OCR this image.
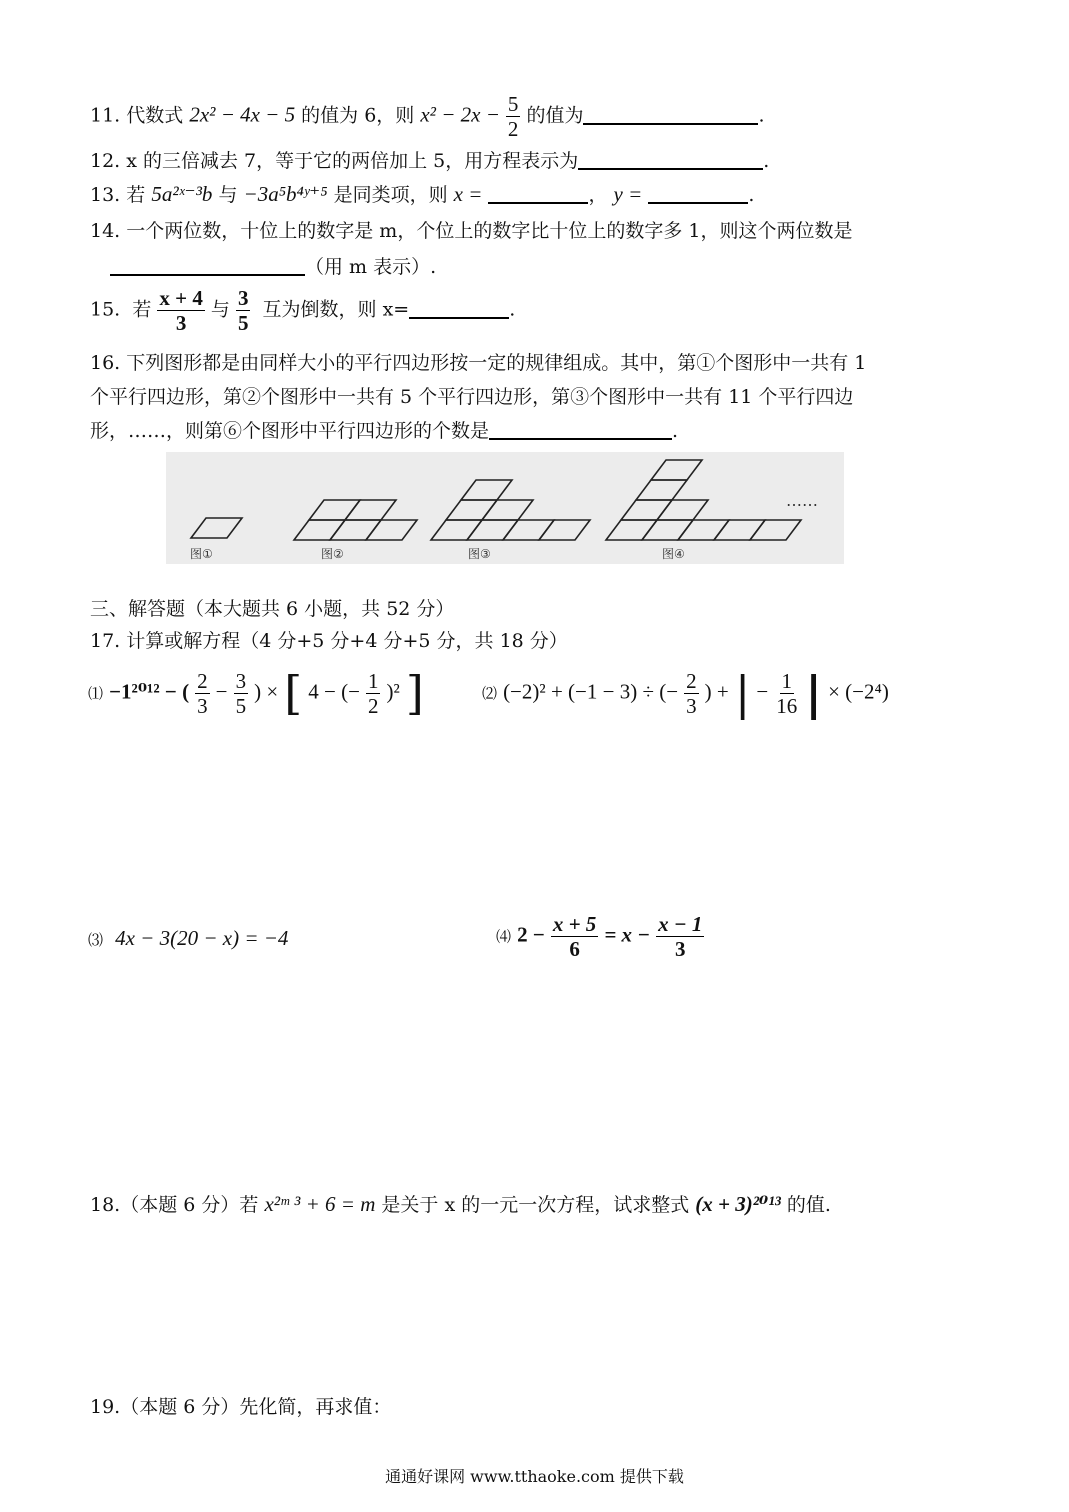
11. 代数式 2x² − 4x − 5 的值为 6，则 $x^2 - 2x - \frac{5}{2}$ 的值为	.
12. x 的三倍减去 7，等于它的两倍加上 5，用方程表示为	.
13. 若 5a²ˣ⁻³b 与 −3a⁵b⁴ʸ⁺⁵ 是同类项，则 x =	， y =	.
14. 一个两位数，十位上的数字是 m，个位上的数字比十位上的数字多 1，则这个两位数是
（用 m 表示）.
15. 若 $\frac{x + 4}{3}$ 与 $\frac{3}{5}$ 互为倒数，则 x=	.
16. 下列图形都是由同样大小的平行四边形按一定的规律组成。其中，第①个图形中一共有 1
个平行四边形，第②个图形中一共有 5 个平行四边形，第③个图形中一共有 11 个平行四边
形，……，则第⑥个图形中平行四边形的个数是	.
图①	图②	图③	图④
……
三、解答题（本大题共 6 小题，共 52 分）
17. 计算或解方程（4 分+5 分+4 分+5 分，共 18 分）
⑴ −1²⁰¹² − ( $\frac{2}{3} - \frac{3}{5}$ ) × [ 4 − (− $\frac{1}{2} )^2$ ]	⑵ (−2)² + (−1 − 3) ÷ (− $\frac{2}{3}$ ) + | − $\frac{1}{16}$ | × (−2⁴)
⑶ 4x − 3(20 − x) = −4	⑷ $2 - \frac{x + 5}{6} = x - \frac{x - 1}{3}$
18.（本题 6 分）若 x²ᵐ ³ + 6 = m 是关于 x 的一元一次方程，试求整式 (x + 3)²⁰¹³ 的值.
19.（本题 6 分）先化简，再求值：
通通好课网 www.tthaoke.com 提供下载
